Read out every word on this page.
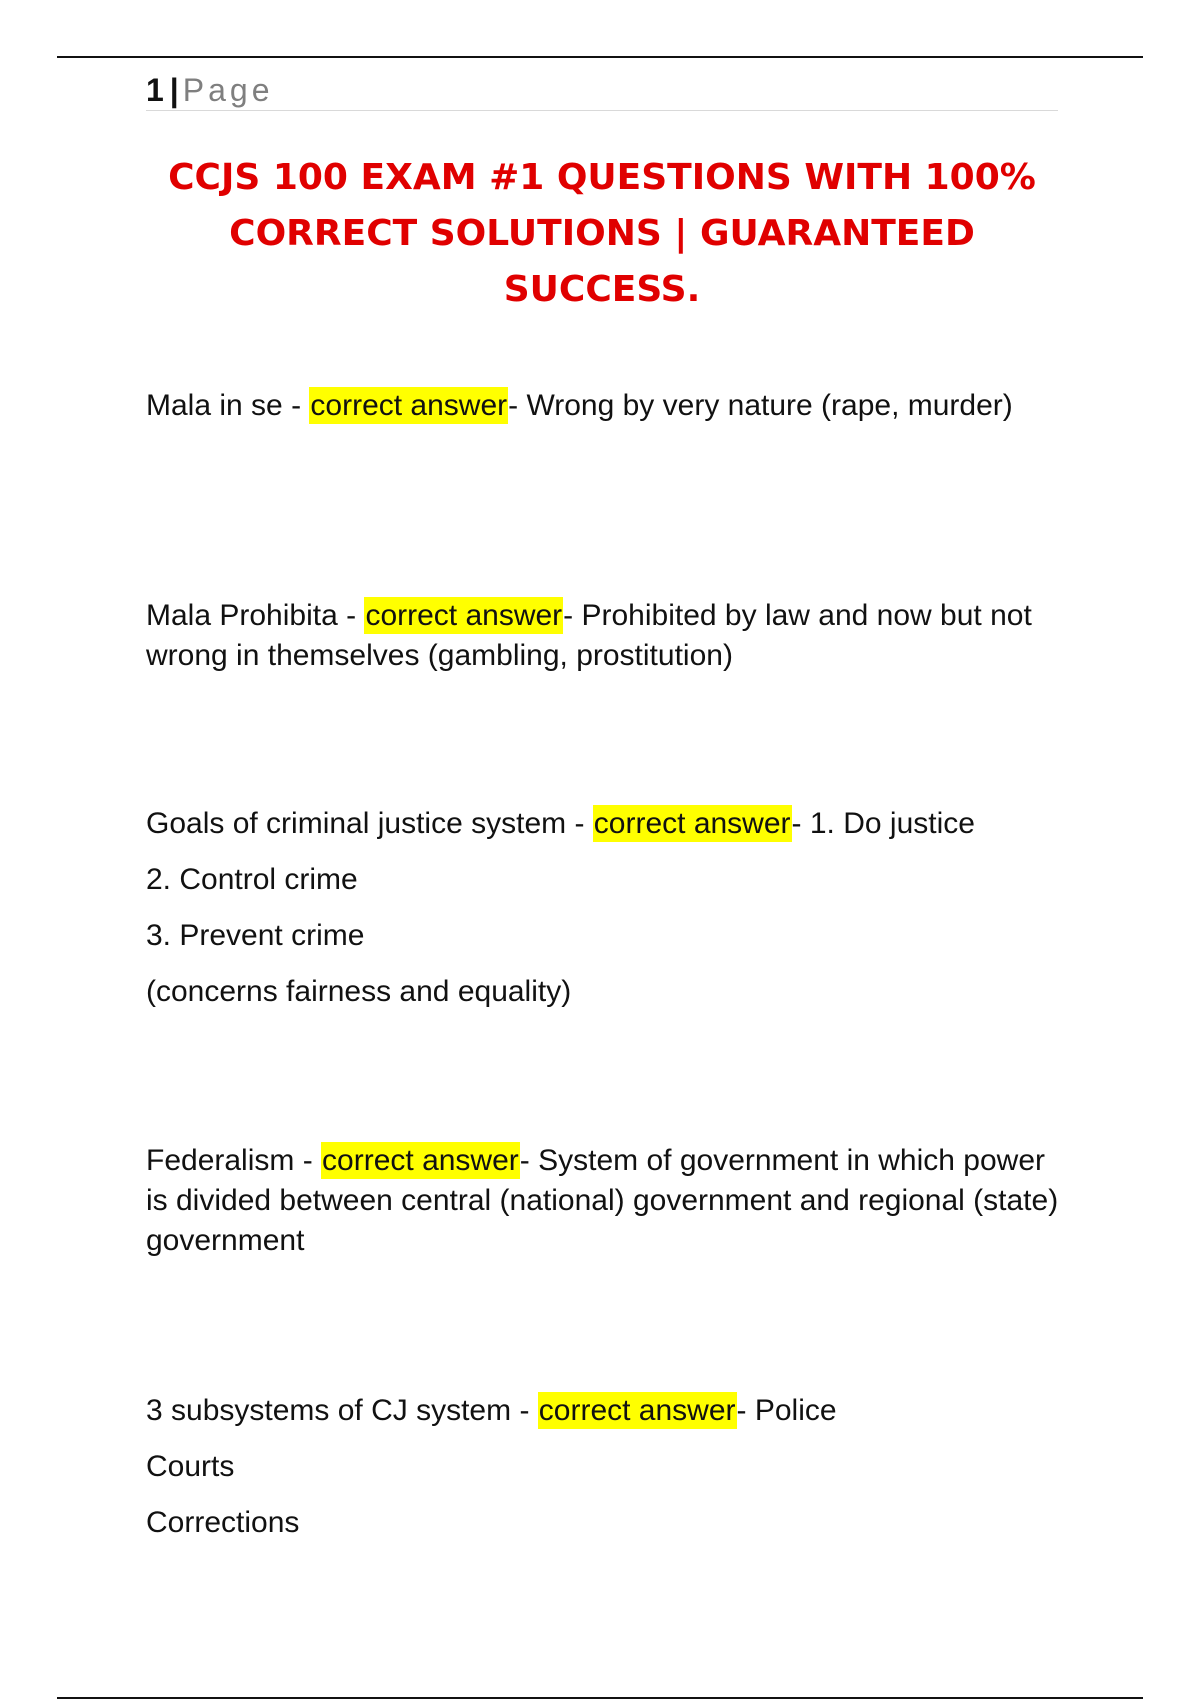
1 | Page
CCJS 100 EXAM #1 QUESTIONS WITH 100% CORRECT SOLUTIONS | GUARANTEED SUCCESS.

Mala in se - correct answer- Wrong by very nature (rape, murder)

Mala Prohibita - correct answer- Prohibited by law and now but not wrong in themselves (gambling, prostitution)

Goals of criminal justice system - correct answer- 1. Do justice
2. Control crime
3. Prevent crime
(concerns fairness and equality)

Federalism - correct answer- System of government in which power is divided between central (national) government and regional (state) government

3 subsystems of CJ system - correct answer- Police
Courts
Corrections
